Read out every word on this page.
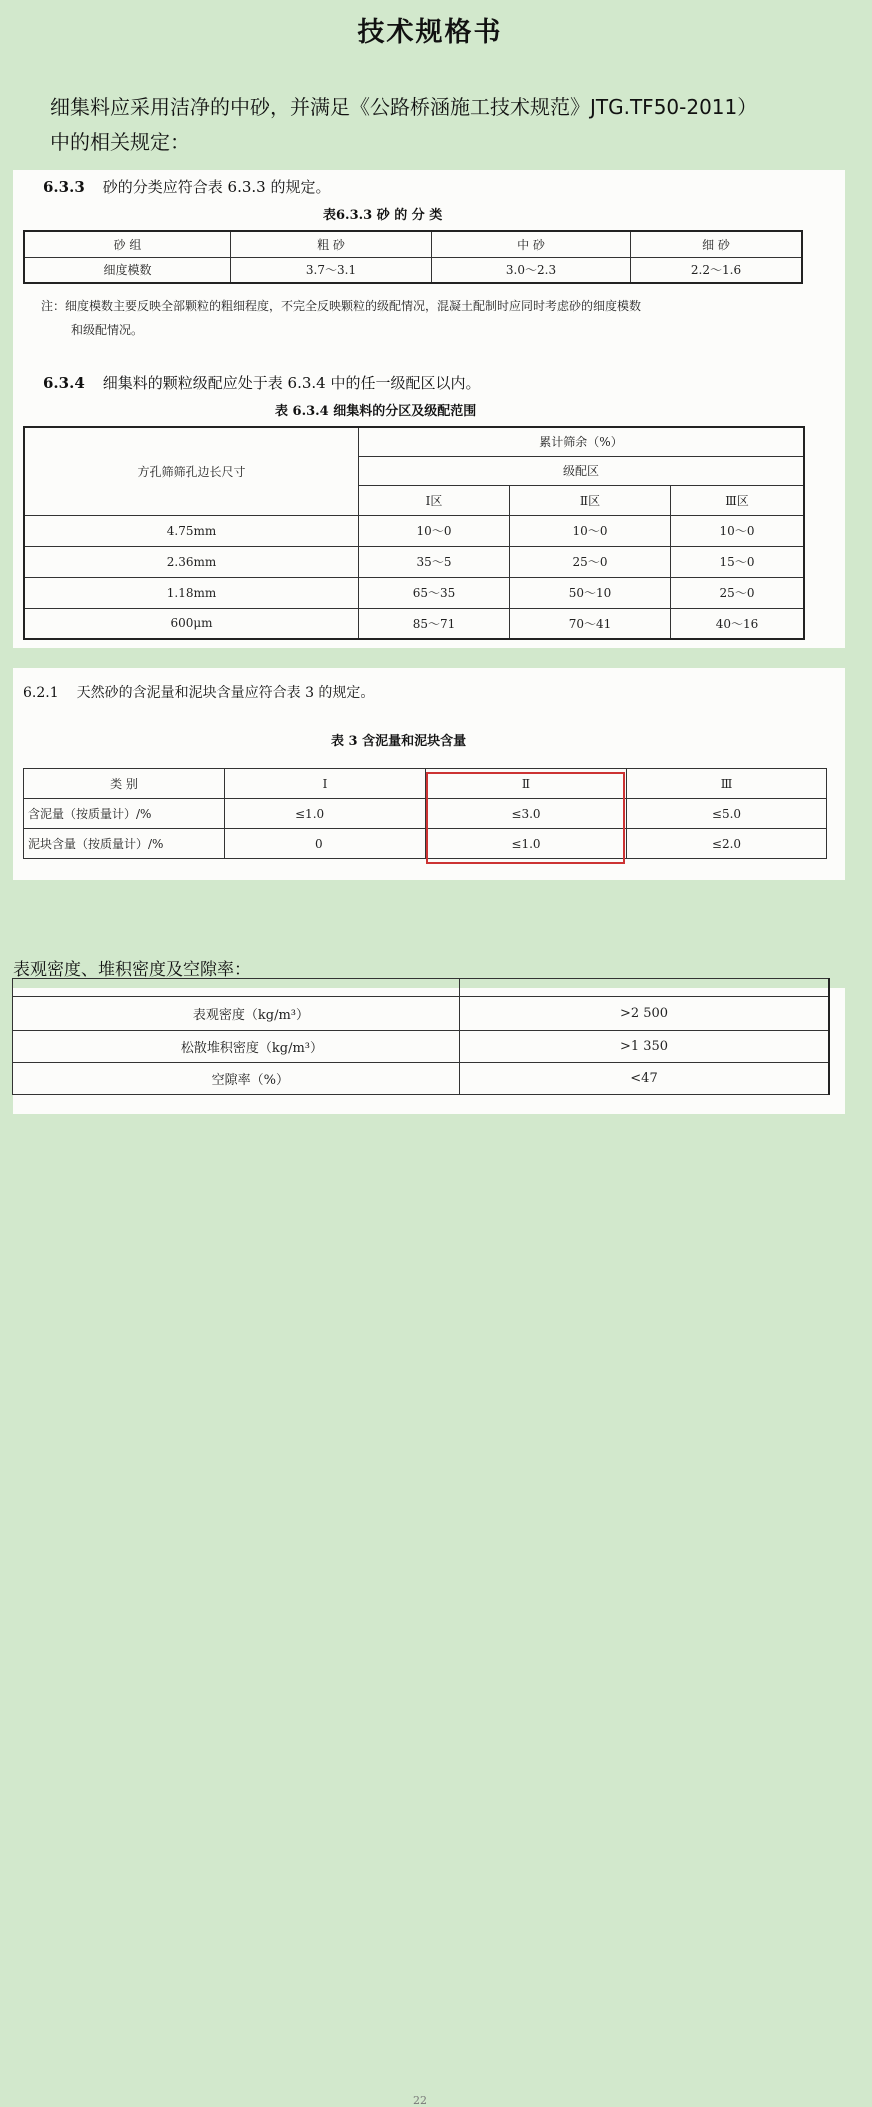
技术规格书
细集料应采用洁净的中砂，并满足《公路桥涵施工技术规范》JTG.TF50-2011）
中的相关规定：
6.3.3 砂的分类应符合表 6.3.3 的规定。
表6.3.3 砂 的 分 类
砂 组	粗 砂	中 砂	细 砂
细度模数	3.7～3.1	3.0～2.3	2.2～1.6
注：细度模数主要反映全部颗粒的粗细程度，不完全反映颗粒的级配情况，混凝土配制时应同时考虑砂的细度模数
和级配情况。
6.3.4 细集料的颗粒级配应处于表 6.3.4 中的任一级配区以内。
表 6.3.4 细集料的分区及级配范围
方孔筛筛孔边长尺寸	累计筛余（%）		
	级配区		
	Ⅰ区	Ⅱ区	Ⅲ区
4.75mm	10～0	10～0	10～0
2.36mm	35～5	25～0	15～0
1.18mm	65～35	50～10	25～0
600μm	85～71	70～41	40～16
6.2.1 天然砂的含泥量和泥块含量应符合表 3 的规定。
表 3 含泥量和泥块含量
类 别	Ⅰ	Ⅱ	Ⅲ
含泥量（按质量计）/%	≤1.0	≤3.0	≤5.0
泥块含量（按质量计）/%	0	≤1.0	≤2.0
表观密度、堆积密度及空隙率：

表观密度（kg/m³）	>2 500
松散堆积密度（kg/m³）	>1 350
空隙率（%）	<47
22
